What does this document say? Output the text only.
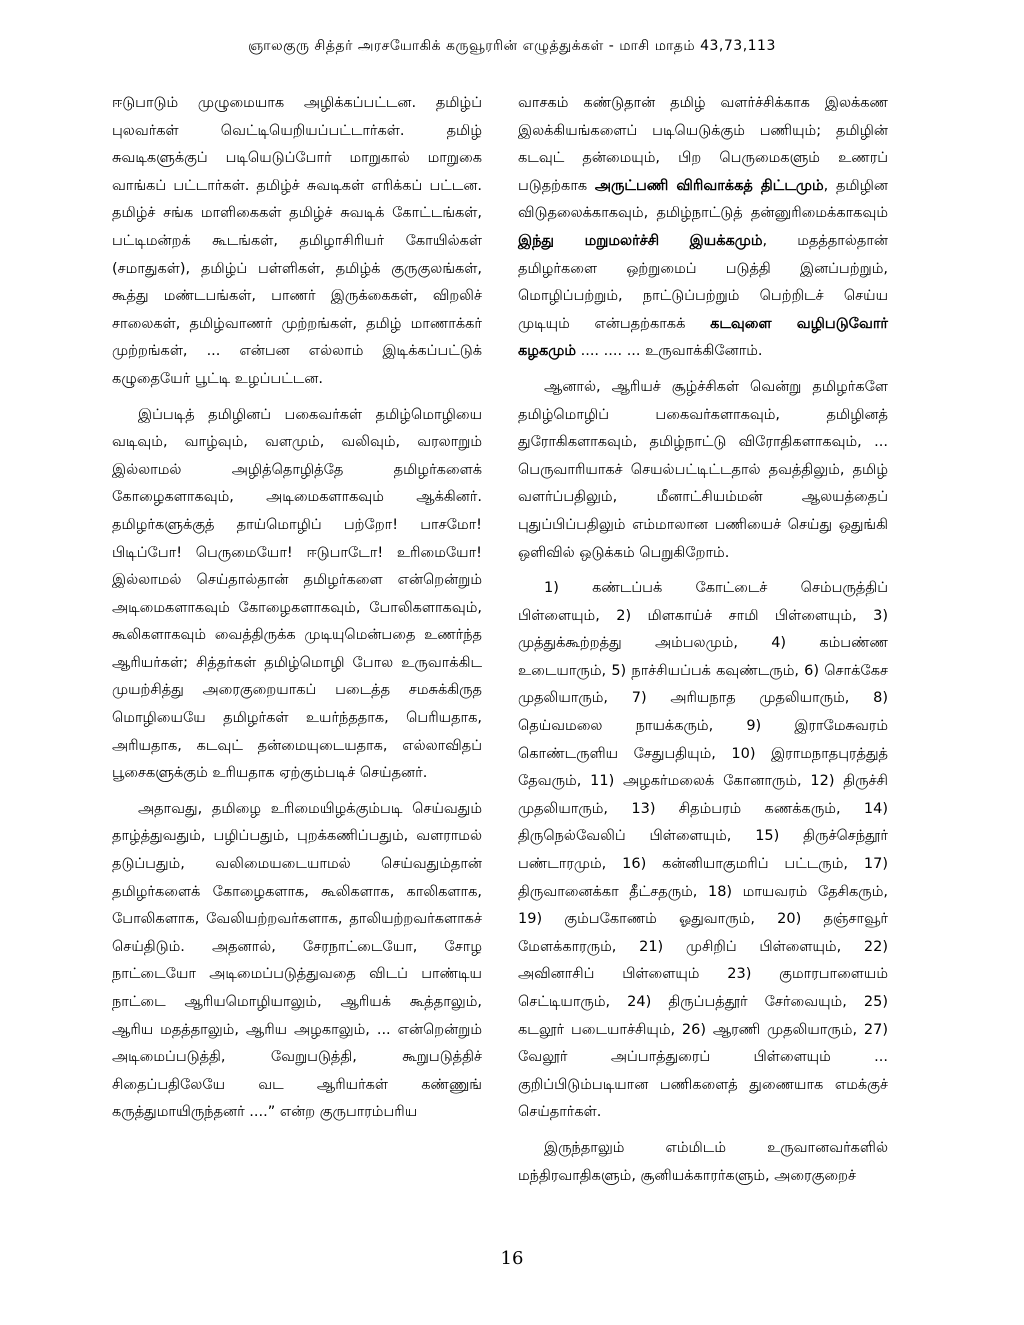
ஞாலகுரு சித்தர் அரசயோகிக் கருவூரரின் எழுத்துக்கள் - மாசி மாதம் 43,73,113

ஈடுபாடும் முழுமையாக அழிக்கப்பட்டன. தமிழ்ப் புலவர்கள் வெட்டியெறியப்பட்டார்கள். தமிழ் சுவடிகளுக்குப் படியெடுப்போர் மாறுகால் மாறுகை வாங்கப் பட்டார்கள். தமிழ்ச் சுவடிகள் எரிக்கப் பட்டன. தமிழ்ச் சங்க மாளிகைகள் தமிழ்ச் சுவடிக் கோட்டங்கள், பட்டிமன்றக் கூடங்கள், தமிழாசிரியர் கோயில்கள் (சமாதுகள்), தமிழ்ப் பள்ளிகள், தமிழ்க் குருகுலங்கள், கூத்து மண்டபங்கள், பாணர் இருக்கைகள், விறலிச் சாலைகள், தமிழ்வாணர் முற்றங்கள், தமிழ் மாணாக்கர் முற்றங்கள், ... என்பன எல்லாம் இடிக்கப்பட்டுக் கழுதையேர் பூட்டி உழப்பட்டன.

இப்படித் தமிழினப் பகைவர்கள் தமிழ்மொழியை வடிவும், வாழ்வும், வளமும், வலிவும், வரலாறும் இல்லாமல் அழித்தொழித்தே தமிழர்களைக் கோழைகளாகவும், அடிமைகளாகவும் ஆக்கினர். தமிழர்களுக்குத் தாய்மொழிப் பற்றோ! பாசமோ! பிடிப்போ! பெருமையோ! ஈடுபாடோ! உரிமையோ! இல்லாமல் செய்தால்தான் தமிழர்களை என்றென்றும் அடிமைகளாகவும் கோழைகளாகவும், போலிகளாகவும், கூலிகளாகவும் வைத்திருக்க முடியுமென்பதை உணர்ந்த ஆரியர்கள்; சித்தர்கள் தமிழ்மொழி போல உருவாக்கிட முயற்சித்து அரைகுறையாகப் படைத்த சமசுக்கிருத மொழியையே தமிழர்கள் உயர்ந்ததாக, பெரியதாக, அரியதாக, கடவுட் தன்மையுடையதாக, எல்லாவிதப் பூசைகளுக்கும் உரியதாக ஏற்கும்படிச் செய்தனர்.

அதாவது, தமிழை உரிமையிழக்கும்படி செய்வதும் தாழ்த்துவதும், பழிப்பதும், புறக்கணிப்பதும், வளராமல் தடுப்பதும், வலிமையடையாமல் செய்வதும்தான் தமிழர்களைக் கோழைகளாக, கூலிகளாக, காலிகளாக, போலிகளாக, வேலியற்றவர்களாக, தாலியற்றவர்களாகச் செய்திடும். அதனால், சேரநாட்டையோ, சோழ நாட்டையோ அடிமைப்படுத்துவதை விடப் பாண்டிய நாட்டை ஆரியமொழியாலும், ஆரியக் கூத்தாலும், ஆரிய மதத்தாலும், ஆரிய அழகாலும், ... என்றென்றும் அடிமைப்படுத்தி, வேறுபடுத்தி, கூறுபடுத்திச் சிதைப்பதிலேயே வட ஆரியர்கள் கண்ணுங் கருத்துமாயிருந்தனர் ....” என்ற குருபாரம்பரிய

வாசகம் கண்டுதான் தமிழ் வளர்ச்சிக்காக இலக்கண இலக்கியங்களைப் படியெடுக்கும் பணியும்; தமிழின் கடவுட் தன்மையும், பிற பெருமைகளும் உணரப் படுதற்காக அருட்பணி விரிவாக்கத் திட்டமும், தமிழின விடுதலைக்காகவும், தமிழ்நாட்டுத் தன்னுரிமைக்காகவும் இந்து மறுமலர்ச்சி இயக்கமும், மதத்தால்தான் தமிழர்களை ஒற்றுமைப் படுத்தி இனப்பற்றும், மொழிப்பற்றும், நாட்டுப்பற்றும் பெற்றிடச் செய்ய முடியும் என்பதற்காகக் கடவுளை வழிபடுவோர் கழகமும் .... .... ... உருவாக்கினோம்.

ஆனால், ஆரியச் சூழ்ச்சிகள் வென்று தமிழர்களே தமிழ்மொழிப் பகைவர்களாகவும், தமிழினத் துரோகிகளாகவும், தமிழ்நாட்டு விரோதிகளாகவும், ... பெருவாரியாகச் செயல்பட்டிட்டதால் தவத்திலும், தமிழ் வளர்ப்பதிலும், மீனாட்சியம்மன் ஆலயத்தைப் புதுப்பிப்பதிலும் எம்மாலான பணியைச் செய்து ஒதுங்கி ஒளிவில் ஒடுக்கம் பெறுகிறோம்.

1) கண்டப்பக் கோட்டைச் செம்பருத்திப் பிள்ளையும், 2) மிளகாய்ச் சாமி பிள்ளையும், 3) முத்துக்கூற்றத்து அம்பலமும், 4) கம்பண்ண உடையாரும், 5) நாச்சியப்பக் கவுண்டரும், 6) சொக்கேச முதலியாரும், 7) அரியநாத முதலியாரும், 8) தெய்வமலை நாயக்கரும், 9) இராமேசுவரம் கொண்டருளிய சேதுபதியும், 10) இராமநாதபுரத்துத் தேவரும், 11) அழகர்மலைக் கோனாரும், 12) திருச்சி முதலியாரும், 13) சிதம்பரம் கணக்கரும், 14) திருநெல்வேலிப் பிள்ளையும், 15) திருச்செந்தூர் பண்டாரமும், 16) கன்னியாகுமரிப் பட்டரும், 17) திருவானைக்கா தீட்சதரும், 18) மாயவரம் தேசிகரும், 19) கும்பகோணம் ஓதுவாரும், 20) தஞ்சாவூர் மேளக்காரரும், 21) முசிறிப் பிள்ளையும், 22) அவினாசிப் பிள்ளையும் 23) குமாரபாளையம் செட்டியாரும், 24) திருப்பத்தூர் சேர்வையும், 25) கடலூர் படையாச்சியும், 26) ஆரணி முதலியாரும், 27) வேலூர் அப்பாத்துரைப் பிள்ளையும் ... குறிப்பிடும்படியான பணிகளைத் துணையாக எமக்குச் செய்தார்கள்.

இருந்தாலும் எம்மிடம் உருவானவர்களில் மந்திரவாதிகளும், சூனியக்காரர்களும், அரைகுறைச்

16
